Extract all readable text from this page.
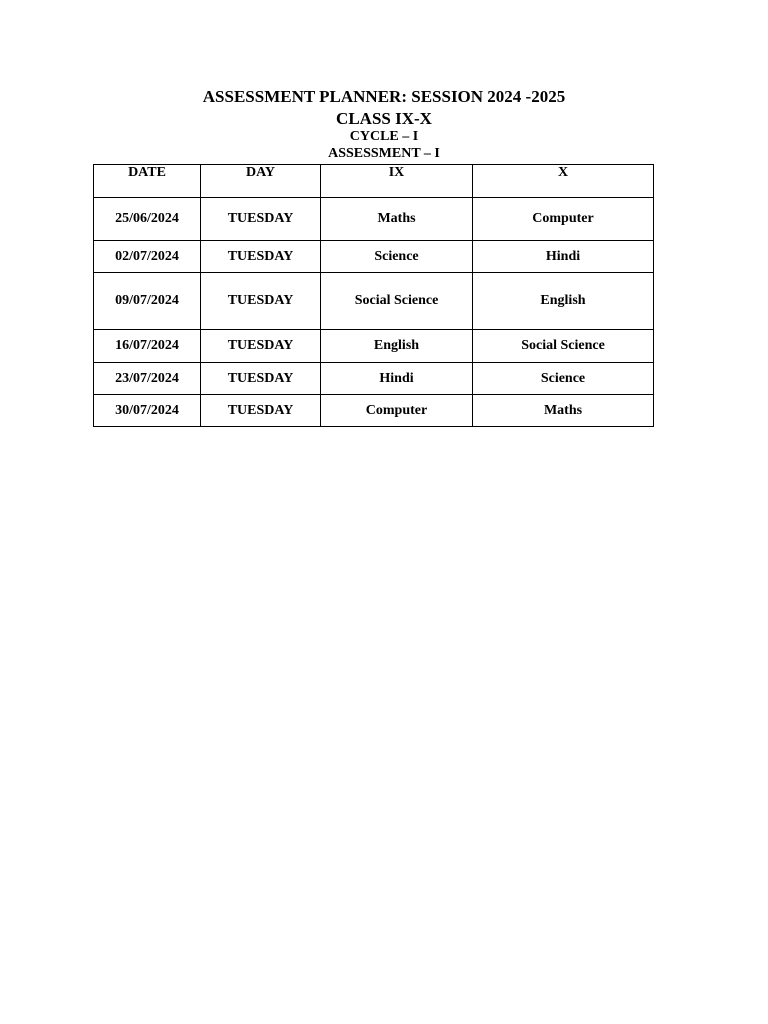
ASSESSMENT PLANNER: SESSION 2024 -2025
CLASS IX-X
CYCLE – I
ASSESSMENT – I
DATE	DAY	IX	X
25/06/2024	TUESDAY	Maths	Computer
02/07/2024	TUESDAY	Science	Hindi
09/07/2024	TUESDAY	Social Science	English
16/07/2024	TUESDAY	English	Social Science
23/07/2024	TUESDAY	Hindi	Science
30/07/2024	TUESDAY	Computer	Maths
